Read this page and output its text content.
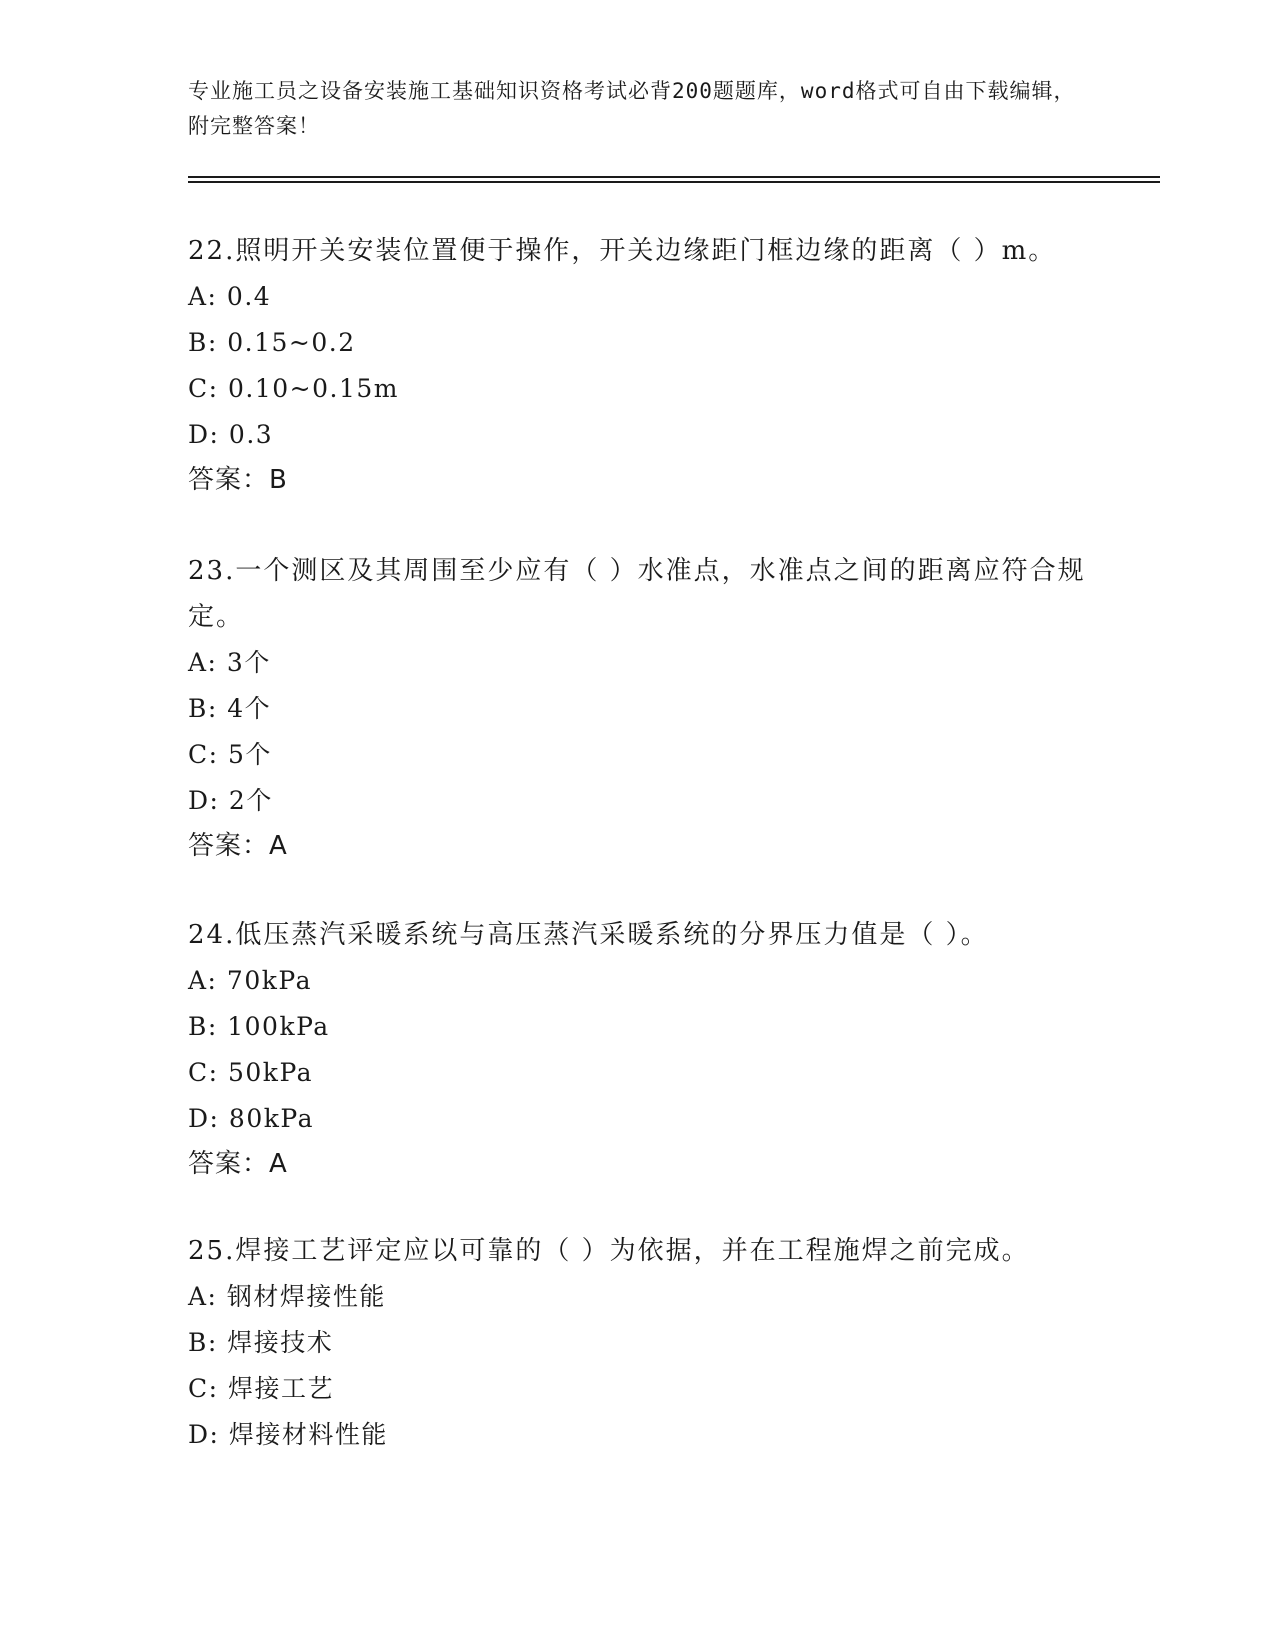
专业施工员之设备安装施工基础知识资格考试必背200题题库，word格式可自由下载编辑，附完整答案！

22.照明开关安装位置便于操作，开关边缘距门框边缘的距离（ ）m。

A: 0.4

B: 0.15~0.2

C: 0.10~0.15m

D: 0.3

答案：B

23.一个测区及其周围至少应有（ ）水准点，水准点之间的距离应符合规定。

A: 3个

B: 4个

C: 5个

D: 2个

答案：A

24.低压蒸汽采暖系统与高压蒸汽采暖系统的分界压力值是（ ）。

A: 70kPa

B: 100kPa

C: 50kPa

D: 80kPa

答案：A

25.焊接工艺评定应以可靠的（ ）为依据，并在工程施焊之前完成。

A: 钢材焊接性能

B: 焊接技术

C: 焊接工艺

D: 焊接材料性能
